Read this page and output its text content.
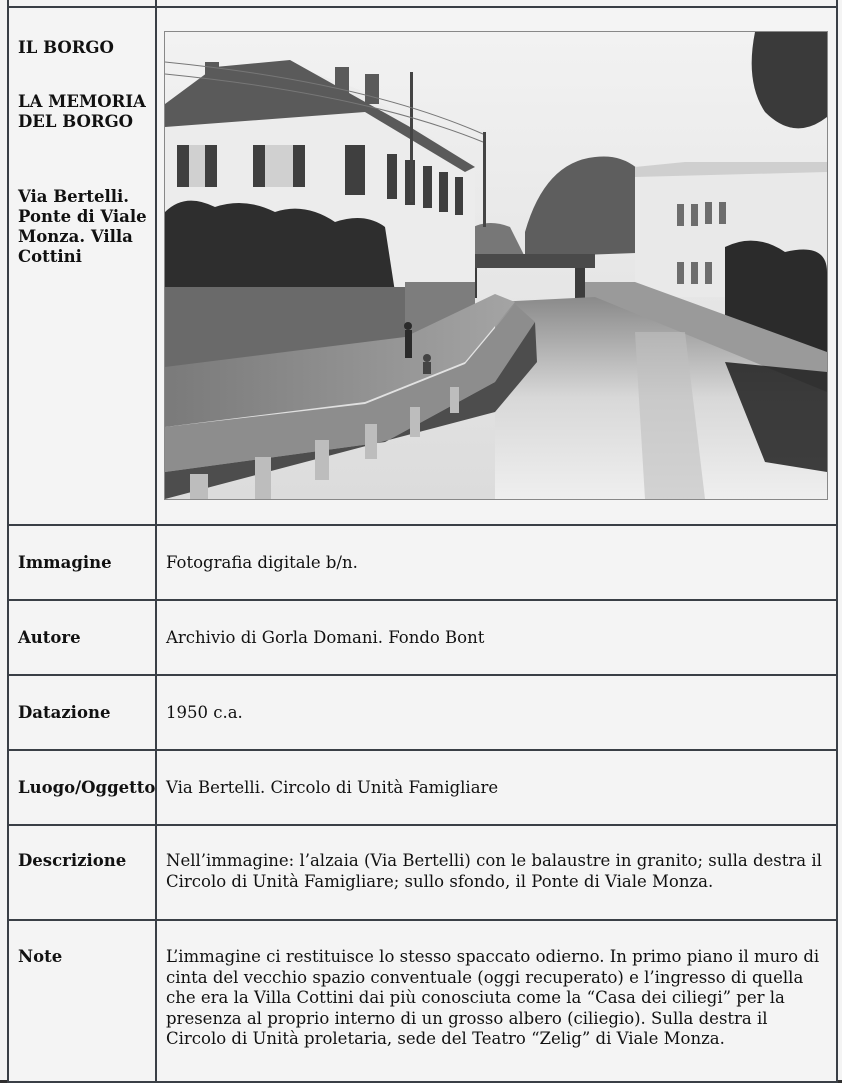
IL BORGO
LA MEMORIA DEL BORGO
Via Bertelli. Ponte di Viale Monza. Villa Cottini	

Immagine	Fotografia digitale b/n.

Autore	Archivio di Gorla Domani. Fondo Bont

Datazione	1950 c.a.

Luogo/Oggetto	Via Bertelli. Circolo di Unità Famigliare

Descrizione	Nell’immagine: l’alzaia (Via Bertelli) con le balaustre in granito; sulla destra il Circolo di Unità Famigliare; sullo sfondo, il Ponte di Viale Monza.

Note	L’immagine ci restituisce lo stesso spaccato odierno. In primo piano il muro di cinta del vecchio spazio conventuale (oggi recuperato) e l’ingresso di quella che era la Villa Cottini dai più conosciuta come la “Casa dei ciliegi” per la presenza al proprio interno di un grosso albero (ciliegio). Sulla destra il Circolo di Unità proletaria, sede del Teatro “Zelig” di Viale Monza.
